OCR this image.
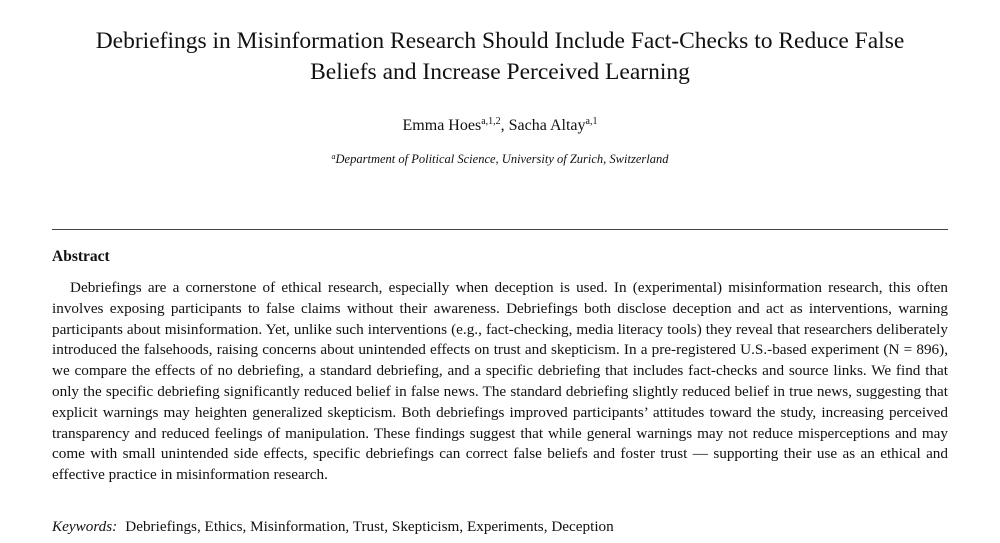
Debriefings in Misinformation Research Should Include Fact-Checks to Reduce False Beliefs and Increase Perceived Learning
Emma Hoes$^{a,1,2}$, Sacha Altay$^{a,1}$
$^a$Department of Political Science, University of Zurich, Switzerland
Abstract

Debriefings are a cornerstone of ethical research, especially when deception is used. In (experimental) misinformation research, this often involves exposing participants to false claims without their awareness. Debriefings both disclose deception and act as interventions, warning participants about misinformation. Yet, unlike such interventions (e.g., fact-checking, media literacy tools) they reveal that researchers deliberately introduced the falsehoods, raising concerns about unintended effects on trust and skepticism. In a pre-registered U.S.-based experiment (N = 896), we compare the effects of no debriefing, a standard debriefing, and a specific debriefing that includes fact-checks and source links. We find that only the specific debriefing significantly reduced belief in false news. The standard debriefing slightly reduced belief in true news, suggesting that explicit warnings may heighten generalized skepticism. Both debriefings improved participants’ attitudes toward the study, increasing perceived transparency and reduced feelings of manipulation. These findings suggest that while general warnings may not reduce misperceptions and may come with small unintended side effects, specific debriefings can correct false beliefs and foster trust — supporting their use as an ethical and effective practice in misinformation research.

Keywords: Debriefings, Ethics, Misinformation, Trust, Skepticism, Experiments, Deception
